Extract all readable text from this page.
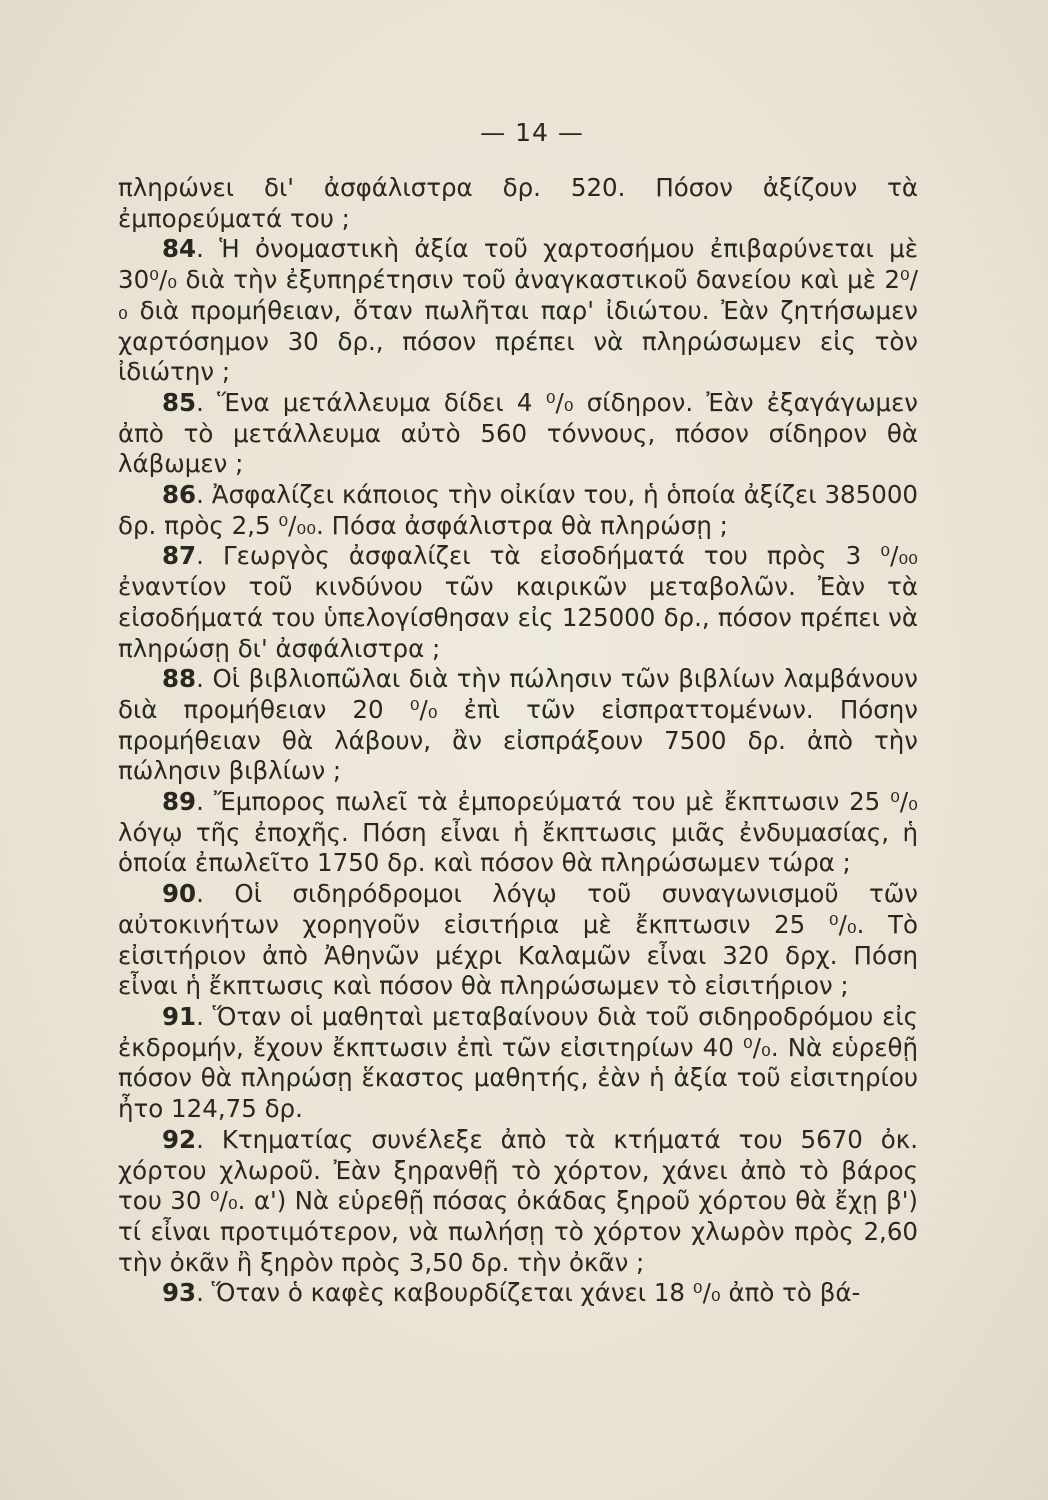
— 14 —

πληρώνει δι' ἀσφάλιστρα δρ. 520. Πόσον ἀξίζουν τὰ ἐμπορεύματά του ;

84. Ἡ ὀνομαστικὴ ἀξία τοῦ χαρτοσήμου ἐπιβαρύνεται μὲ 30⁰/₀ διὰ τὴν ἐξυπηρέτησιν τοῦ ἀναγκαστικοῦ δανείου καὶ μὲ 2⁰/₀ διὰ προμήθειαν, ὅταν πωλῆται παρ' ἰδιώτου. Ἐὰν ζητήσωμεν χαρτόσημον 30 δρ., πόσον πρέπει νὰ πληρώσωμεν εἰς τὸν ἰδιώτην ;

85. Ἕνα μετάλλευμα δίδει 4 ⁰/₀ σίδηρον. Ἐὰν ἐξαγάγωμεν ἀπὸ τὸ μετάλλευμα αὐτὸ 560 τόννους, πόσον σίδηρον θὰ λάβωμεν ;

86. Ἀσφαλίζει κάποιος τὴν οἰκίαν του, ἡ ὁποία ἀξίζει 385000 δρ. πρὸς 2,5 ⁰/₀₀. Πόσα ἀσφάλιστρα θὰ πληρώσῃ ;

87. Γεωργὸς ἀσφαλίζει τὰ εἰσοδήματά του πρὸς 3 ⁰/₀₀ ἐναντίον τοῦ κινδύνου τῶν καιρικῶν μεταβολῶν. Ἐὰν τὰ εἰσοδήματά του ὑπελογίσθησαν εἰς 125000 δρ., πόσον πρέπει νὰ πληρώσῃ δι' ἀσφάλιστρα ;

88. Οἱ βιβλιοπῶλαι διὰ τὴν πώλησιν τῶν βιβλίων λαμβάνουν διὰ προμήθειαν 20 ⁰/₀ ἐπὶ τῶν εἰσπραττομένων. Πόσην προμήθειαν θὰ λάβουν, ἂν εἰσπράξουν 7500 δρ. ἀπὸ τὴν πώλησιν βιβλίων ;

89. Ἔμπορος πωλεῖ τὰ ἐμπορεύματά του μὲ ἔκπτωσιν 25 ⁰/₀ λόγῳ τῆς ἐποχῆς. Πόση εἶναι ἡ ἔκπτωσις μιᾶς ἐνδυμασίας, ἡ ὁποία ἐπωλεῖτο 1750 δρ. καὶ πόσον θὰ πληρώσωμεν τώρα ;

90. Οἱ σιδηρόδρομοι λόγῳ τοῦ συναγωνισμοῦ τῶν αὐτοκινήτων χορηγοῦν εἰσιτήρια μὲ ἔκπτωσιν 25 ⁰/₀. Τὸ εἰσιτήριον ἀπὸ Ἀθηνῶν μέχρι Καλαμῶν εἶναι 320 δρχ. Πόση εἶναι ἡ ἔκπτωσις καὶ πόσον θὰ πληρώσωμεν τὸ εἰσιτήριον ;

91. Ὅταν οἱ μαθηταὶ μεταβαίνουν διὰ τοῦ σιδηροδρόμου εἰς ἐκδρομήν, ἔχουν ἔκπτωσιν ἐπὶ τῶν εἰσιτηρίων 40 ⁰/₀. Νὰ εὑρεθῇ πόσον θὰ πληρώσῃ ἕκαστος μαθητής, ἐὰν ἡ ἀξία τοῦ εἰσιτηρίου ἦτο 124,75 δρ.

92. Κτηματίας συνέλεξε ἀπὸ τὰ κτήματά του 5670 ὀκ. χόρτου χλωροῦ. Ἐὰν ξηρανθῇ τὸ χόρτον, χάνει ἀπὸ τὸ βάρος του 30 ⁰/₀. α') Νὰ εὑρεθῇ πόσας ὀκάδας ξηροῦ χόρτου θὰ ἔχῃ β') τί εἶναι προτιμότερον, νὰ πωλήσῃ τὸ χόρτον χλωρὸν πρὸς 2,60 τὴν ὀκᾶν ἢ ξηρὸν πρὸς 3,50 δρ. τὴν ὀκᾶν ;

93. Ὅταν ὁ καφὲς καβουρδίζεται χάνει 18 ⁰/₀ ἀπὸ τὸ βά-
